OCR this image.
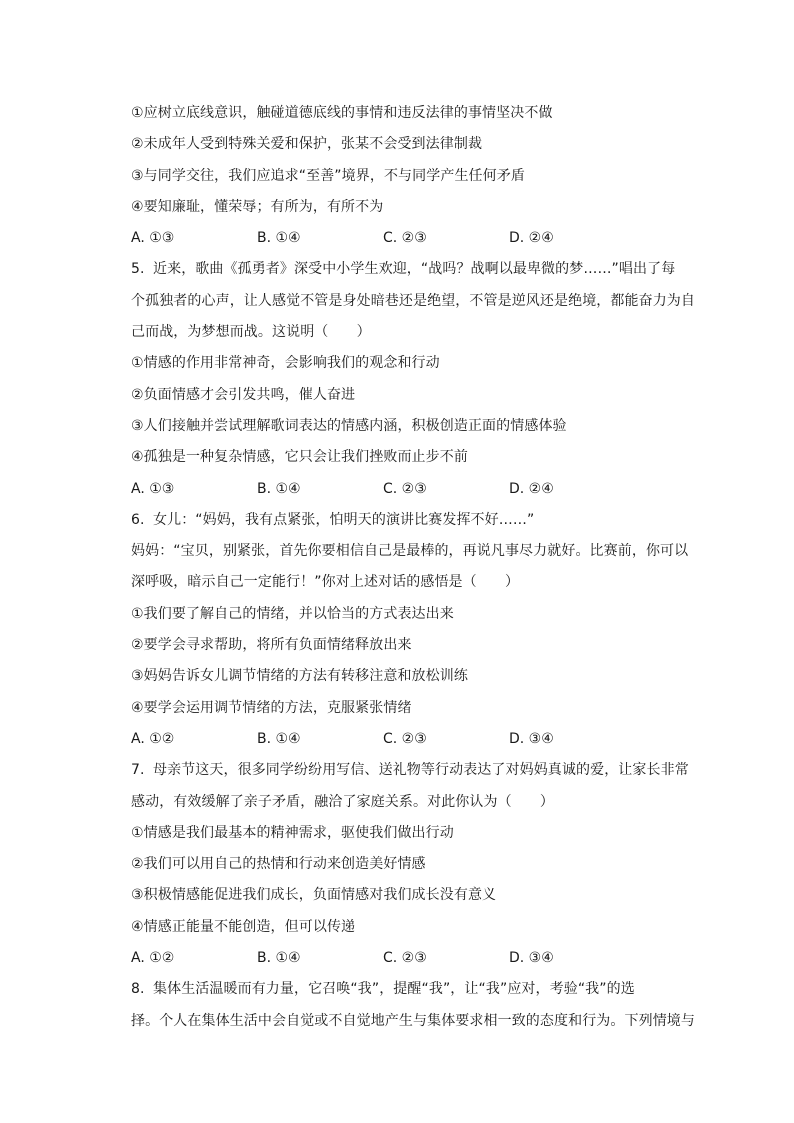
①应树立底线意识，触碰道德底线的事情和违反法律的事情坚决不做
②未成年人受到特殊关爱和保护，张某不会受到法律制裁
③与同学交往，我们应追求“至善”境界，不与同学产生任何矛盾
④要知廉耻，懂荣辱；有所为，有所不为
A. ①③	B. ①④	C. ②③	D. ②④
5. 近来，歌曲《孤勇者》深受中小学生欢迎，“战吗？战啊以最卑微的梦……”唱出了每
个孤独者的心声，让人感觉不管是身处暗巷还是绝望，不管是逆风还是绝境，都能奋力为自
己而战，为梦想而战。这说明（　　）
①情感的作用非常神奇，会影响我们的观念和行动
②负面情感才会引发共鸣，催人奋进
③人们接触并尝试理解歌词表达的情感内涵，积极创造正面的情感体验
④孤独是一种复杂情感，它只会让我们挫败而止步不前
A. ①③	B. ①④	C. ②③	D. ②④
6. 女儿：“妈妈，我有点紧张，怕明天的演讲比赛发挥不好……”
妈妈：“宝贝，别紧张，首先你要相信自己是最棒的，再说凡事尽力就好。比赛前，你可以
深呼吸，暗示自己一定能行！”你对上述对话的感悟是（　　）
①我们要了解自己的情绪，并以恰当的方式表达出来
②要学会寻求帮助，将所有负面情绪释放出来
③妈妈告诉女儿调节情绪的方法有转移注意和放松训练
④要学会运用调节情绪的方法，克服紧张情绪
A. ①②	B. ①④	C. ②③	D. ③④
7. 母亲节这天，很多同学纷纷用写信、送礼物等行动表达了对妈妈真诚的爱，让家长非常
感动，有效缓解了亲子矛盾，融洽了家庭关系。对此你认为（　　）
①情感是我们最基本的精神需求，驱使我们做出行动
②我们可以用自己的热情和行动来创造美好情感
③积极情感能促进我们成长，负面情感对我们成长没有意义
④情感正能量不能创造，但可以传递
A. ①②	B. ①④	C. ②③	D. ③④
8. 集体生活温暖而有力量，它召唤“我”，提醒“我”，让“我”应对，考验“我”的选
择。个人在集体生活中会自觉或不自觉地产生与集体要求相一致的态度和行为。下列情境与
